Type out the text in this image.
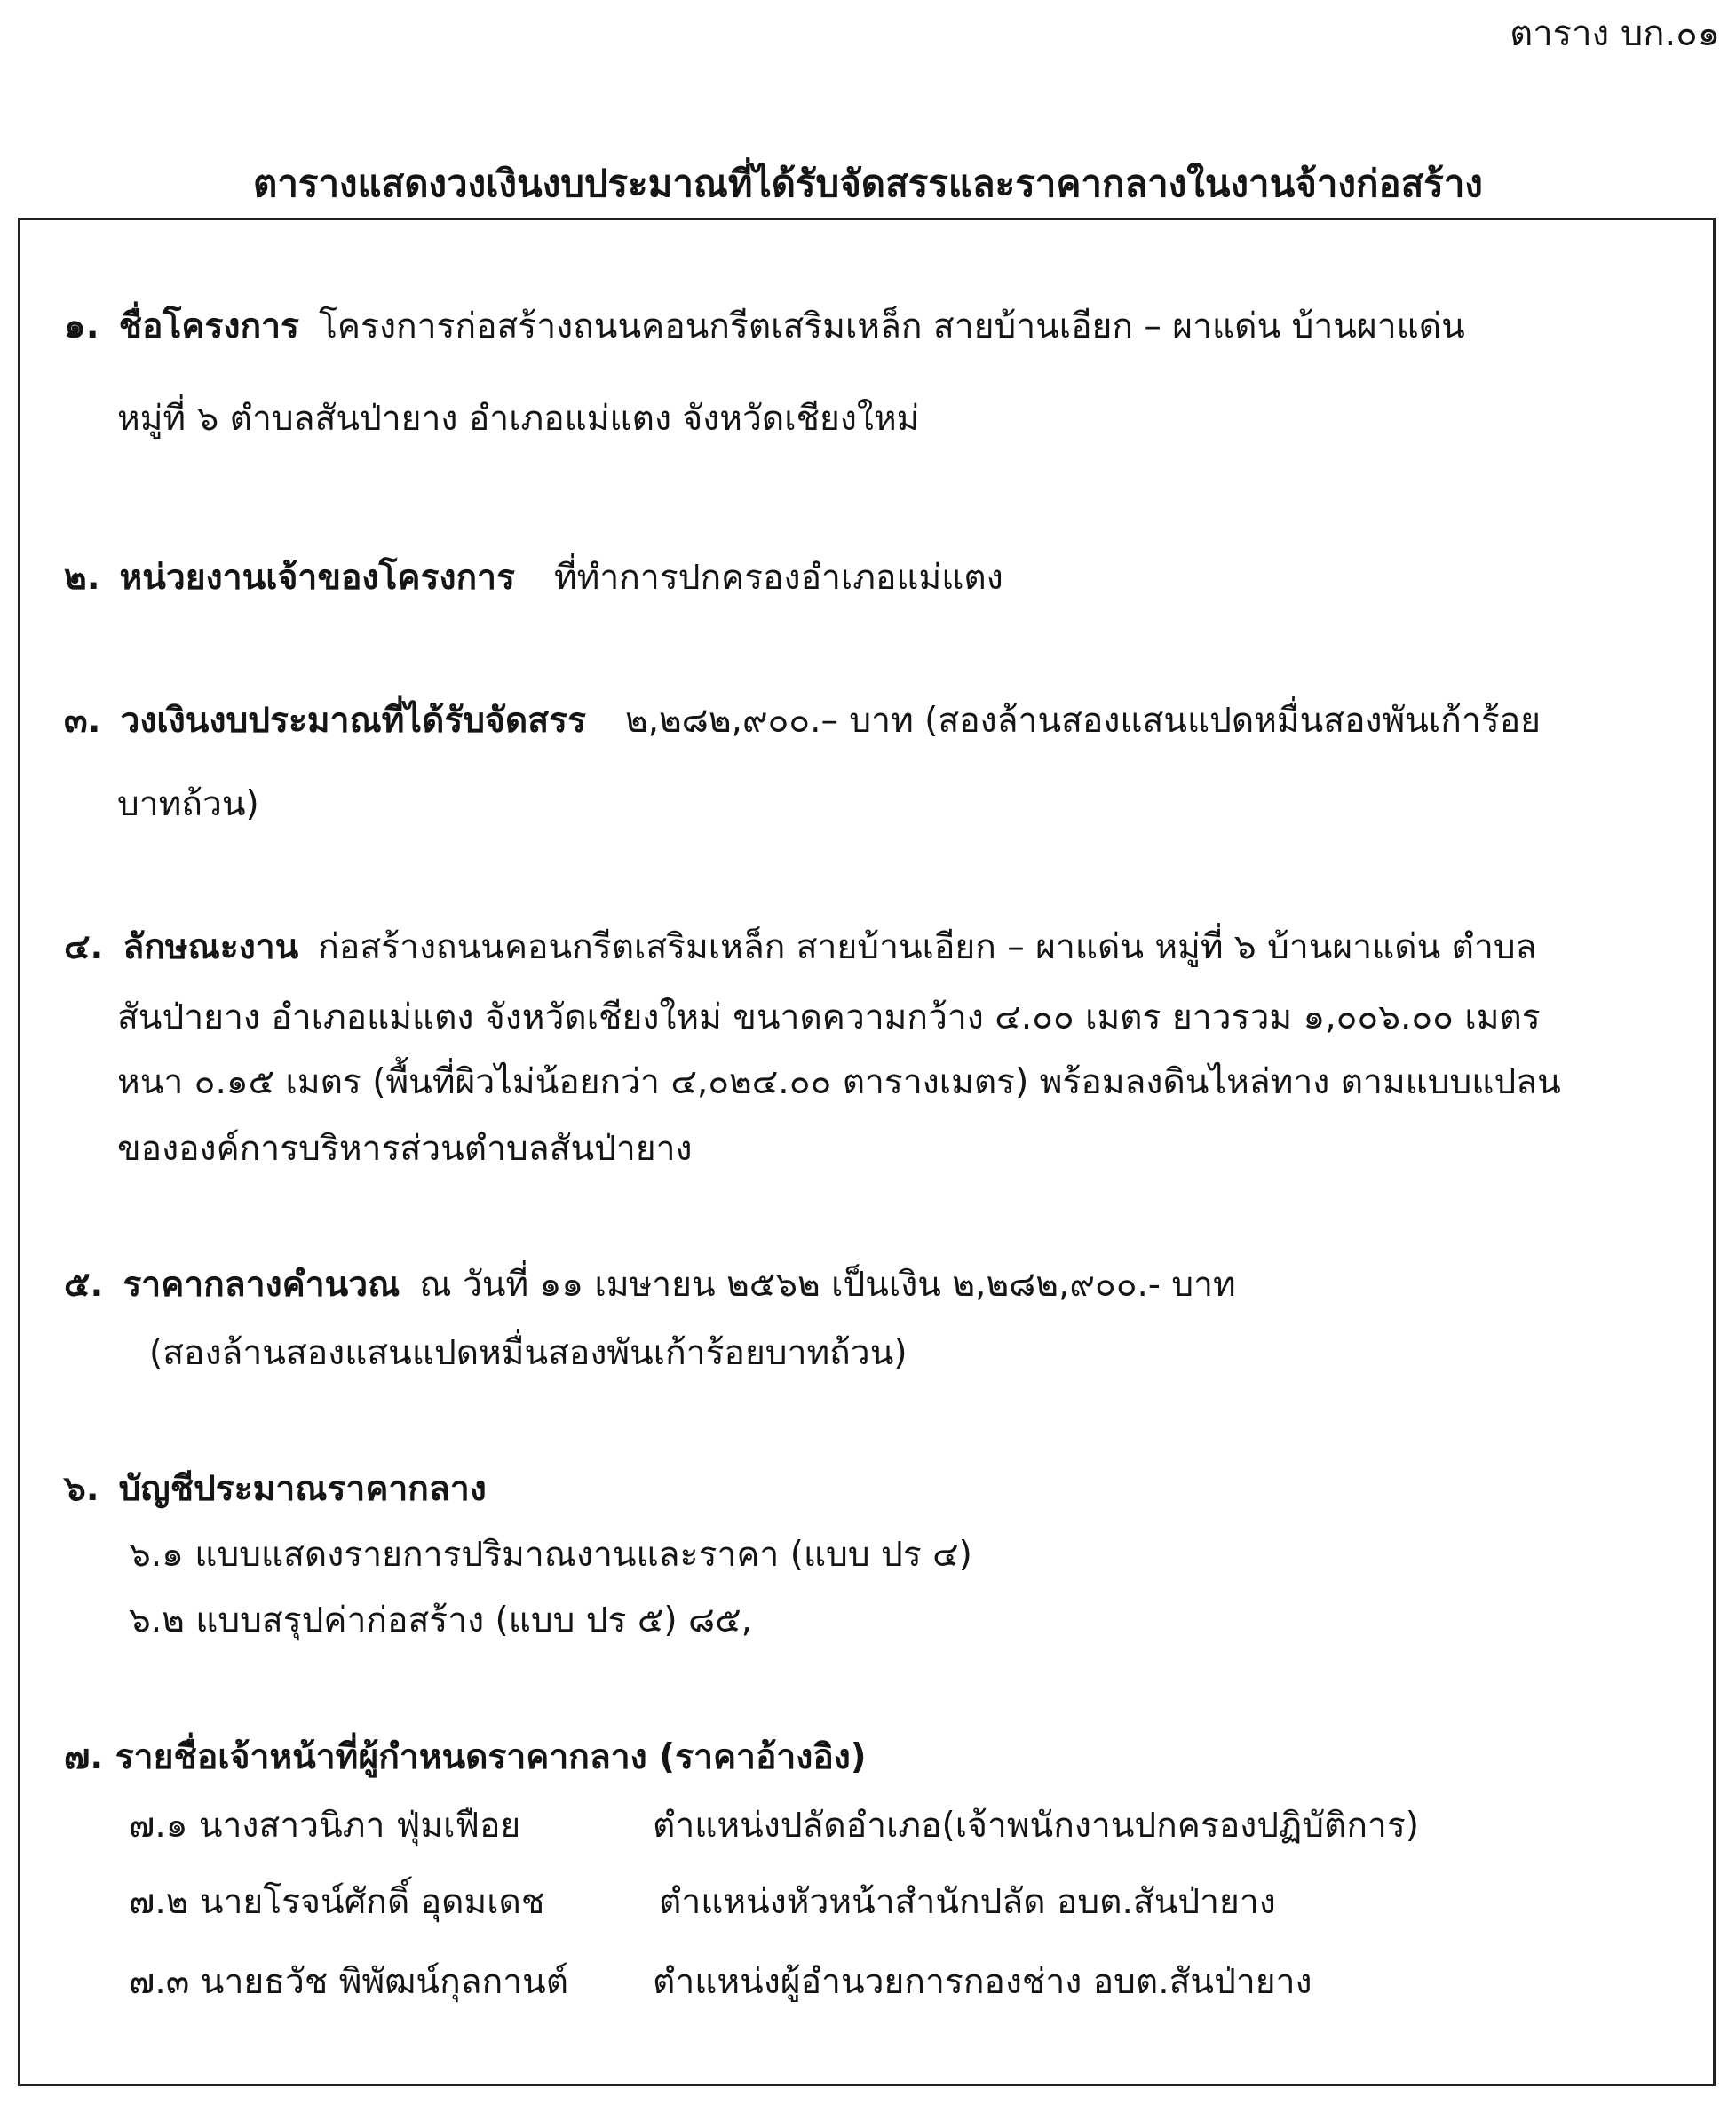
ตาราง บก.๐๑
ตารางแสดงวงเงินงบประมาณที่ได้รับจัดสรรและราคากลางในงานจ้างก่อสร้าง
๑. ชื่อโครงการ โครงการก่อสร้างถนนคอนกรีตเสริมเหล็ก สายบ้านเอียก – ผาแด่น บ้านผาแด่น
หมู่ที่ ๖ ตำบลสันป่ายาง อำเภอแม่แตง จังหวัดเชียงใหม่
๒. หน่วยงานเจ้าของโครงการ ที่ทำการปกครองอำเภอแม่แตง
๓. วงเงินงบประมาณที่ได้รับจัดสรร ๒,๒๘๒,๙๐๐.– บาท (สองล้านสองแสนแปดหมื่นสองพันเก้าร้อย
บาทถ้วน)
๔. ลักษณะงาน ก่อสร้างถนนคอนกรีตเสริมเหล็ก สายบ้านเอียก – ผาแด่น หมู่ที่ ๖ บ้านผาแด่น ตำบล
สันป่ายาง อำเภอแม่แตง จังหวัดเชียงใหม่ ขนาดความกว้าง ๔.๐๐ เมตร ยาวรวม ๑,๐๐๖.๐๐ เมตร
หนา ๐.๑๕ เมตร (พื้นที่ผิวไม่น้อยกว่า ๔,๐๒๔.๐๐ ตารางเมตร) พร้อมลงดินไหล่ทาง ตามแบบแปลน
ขององค์การบริหารส่วนตำบลสันป่ายาง
๕. ราคากลางคำนวณ ณ วันที่ ๑๑ เมษายน ๒๕๖๒ เป็นเงิน ๒,๒๘๒,๙๐๐.- บาท
(สองล้านสองแสนแปดหมื่นสองพันเก้าร้อยบาทถ้วน)
๖. บัญชีประมาณราคากลาง
๖.๑ แบบแสดงรายการปริมาณงานและราคา (แบบ ปร ๔)
๖.๒ แบบสรุปค่าก่อสร้าง (แบบ ปร ๕) ๘๕,
๗. รายชื่อเจ้าหน้าที่ผู้กำหนดราคากลาง (ราคาอ้างอิง)
๗.๑ นางสาวนิภา ฟุ่มเฟือย	ตำแหน่งปลัดอำเภอ(เจ้าพนักงานปกครองปฏิบัติการ)
๗.๒ นายโรจน์ศักดิ์ อุดมเดช	ตำแหน่งหัวหน้าสำนักปลัด อบต.สันป่ายาง
๗.๓ นายธวัช พิพัฒน์กุลกานต์ ตำแหน่งผู้อำนวยการกองช่าง อบต.สันป่ายาง
